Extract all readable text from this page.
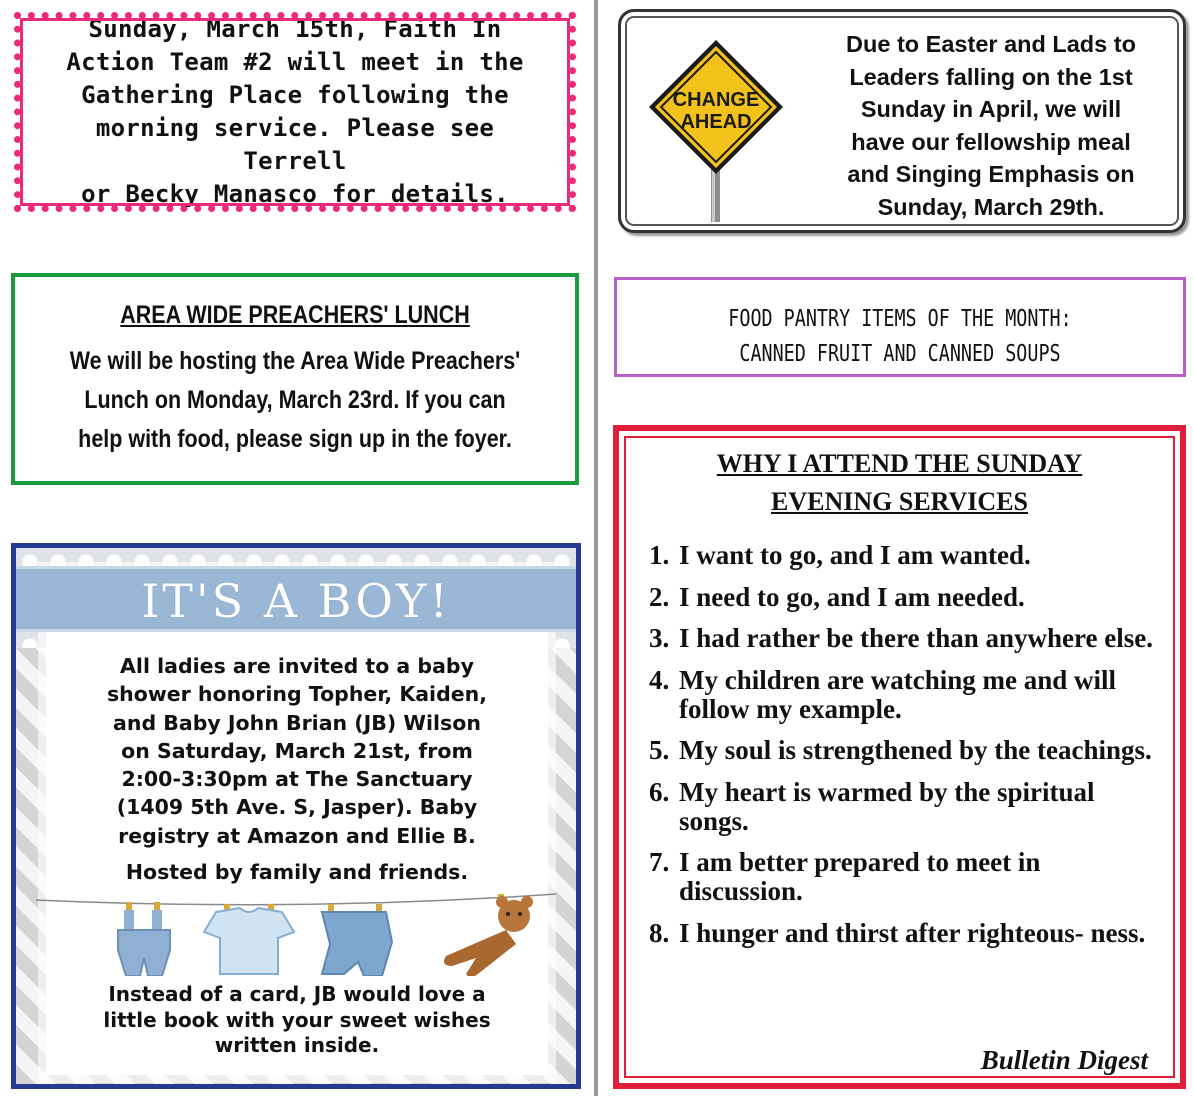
Sunday, March 15th, Faith In
Action Team #2 will meet in the
Gathering Place following the
morning service. Please see Terrell
or Becky Manasco for details.

CHANGE
AHEAD
Due to Easter and Lads to
Leaders falling on the 1st
Sunday in April, we will
have our fellowship meal
and Singing Emphasis on
Sunday, March 29th.
AREA WIDE PREACHERS' LUNCH
We will be hosting the Area Wide Preachers'
Lunch on Monday, March 23rd. If you can
help with food, please sign up in the foyer.
FOOD PANTRY ITEMS OF THE MONTH:
CANNED FRUIT AND CANNED SOUPS
IT'S A BOY!
All ladies are invited to a baby
shower honoring Topher, Kaiden,
and Baby John Brian (JB) Wilson
on Saturday, March 21st, from
2:00-3:30pm at The Sanctuary
(1409 5th Ave. S, Jasper). Baby
registry at Amazon and Ellie B.
Hosted by family and friends.
Instead of a card, JB would love a
little book with your sweet wishes
written inside.
WHY I ATTEND THE SUNDAY
EVENING SERVICES
1. I want to go, and I am wanted.
2. I need to go, and I am needed.
3. I had rather be there than anywhere else.
4. My children are watching me and will follow my example.
5. My soul is strengthened by the teachings.
6. My heart is warmed by the spiritual songs.
7. I am better prepared to meet in discussion.
8. I hunger and thirst after righteous- ness.
Bulletin Digest
